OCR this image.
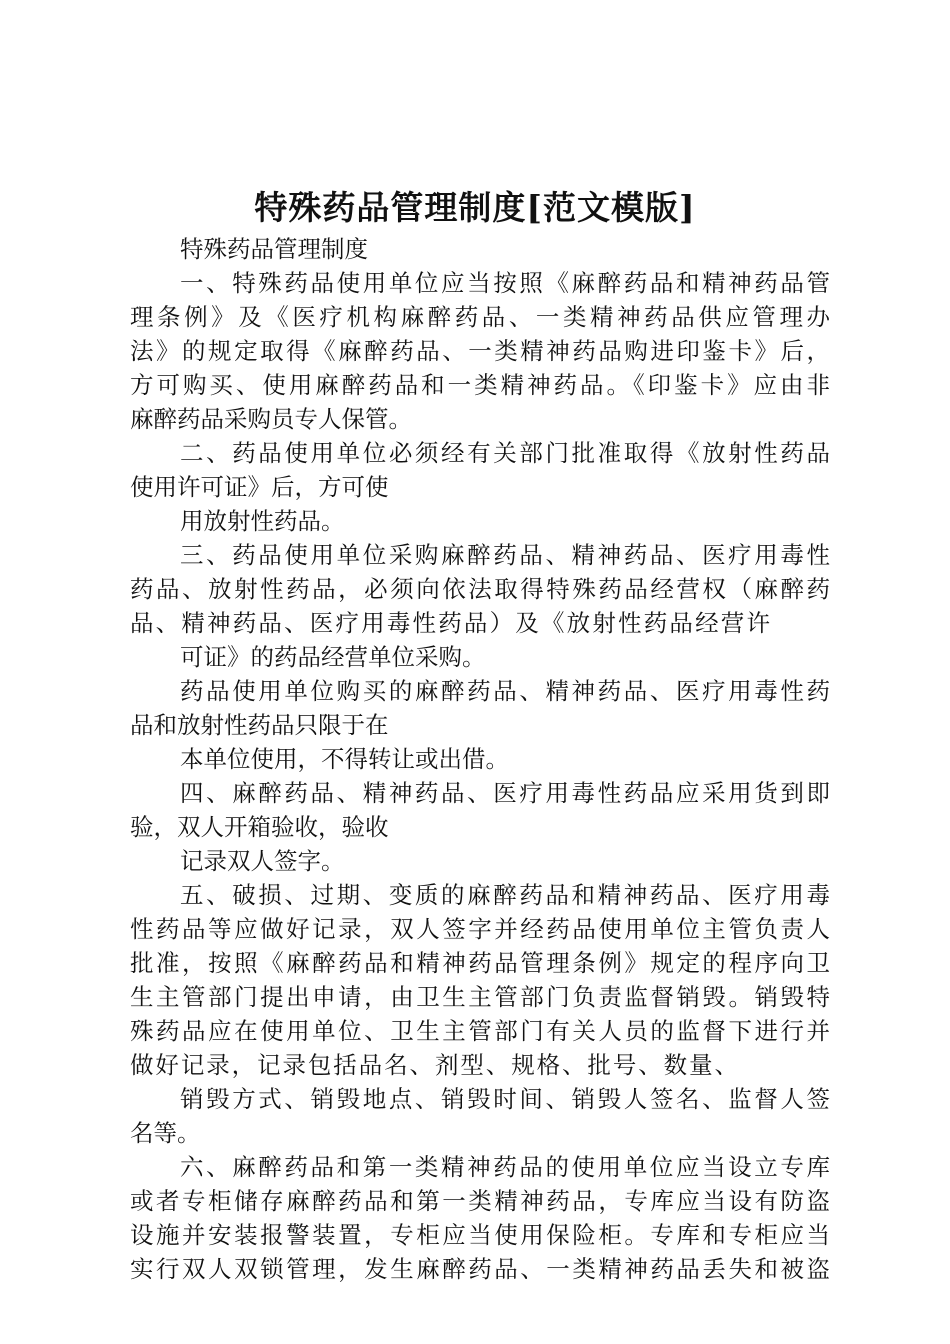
特殊药品管理制度[范文模版]
特殊药品管理制度
一、特殊药品使用单位应当按照《麻醉药品和精神药品管
理条例》及《医疗机构麻醉药品、一类精神药品供应管理办
法》的规定取得《麻醉药品、一类精神药品购进印鉴卡》后，
方可购买、使用麻醉药品和一类精神药品。《印鉴卡》应由非
麻醉药品采购员专人保管。
二、药品使用单位必须经有关部门批准取得《放射性药品
使用许可证》后，方可使
用放射性药品。
三、药品使用单位采购麻醉药品、精神药品、医疗用毒性
药品、放射性药品，必须向依法取得特殊药品经营权（麻醉药
品、精神药品、医疗用毒性药品）及《放射性药品经营许
可证》的药品经营单位采购。
药品使用单位购买的麻醉药品、精神药品、医疗用毒性药
品和放射性药品只限于在
本单位使用，不得转让或出借。
四、麻醉药品、精神药品、医疗用毒性药品应采用货到即
验，双人开箱验收，验收
记录双人签字。
五、破损、过期、变质的麻醉药品和精神药品、医疗用毒
性药品等应做好记录，双人签字并经药品使用单位主管负责人
批准，按照《麻醉药品和精神药品管理条例》规定的程序向卫
生主管部门提出申请，由卫生主管部门负责监督销毁。销毁特
殊药品应在使用单位、卫生主管部门有关人员的监督下进行并
做好记录，记录包括品名、剂型、规格、批号、数量、
销毁方式、销毁地点、销毁时间、销毁人签名、监督人签
名等。
六、麻醉药品和第一类精神药品的使用单位应当设立专库
或者专柜储存麻醉药品和第一类精神药品，专库应当设有防盗
设施并安装报警装置，专柜应当使用保险柜。专库和专柜应当
实行双人双锁管理，发生麻醉药品、一类精神药品丢失和被盗
